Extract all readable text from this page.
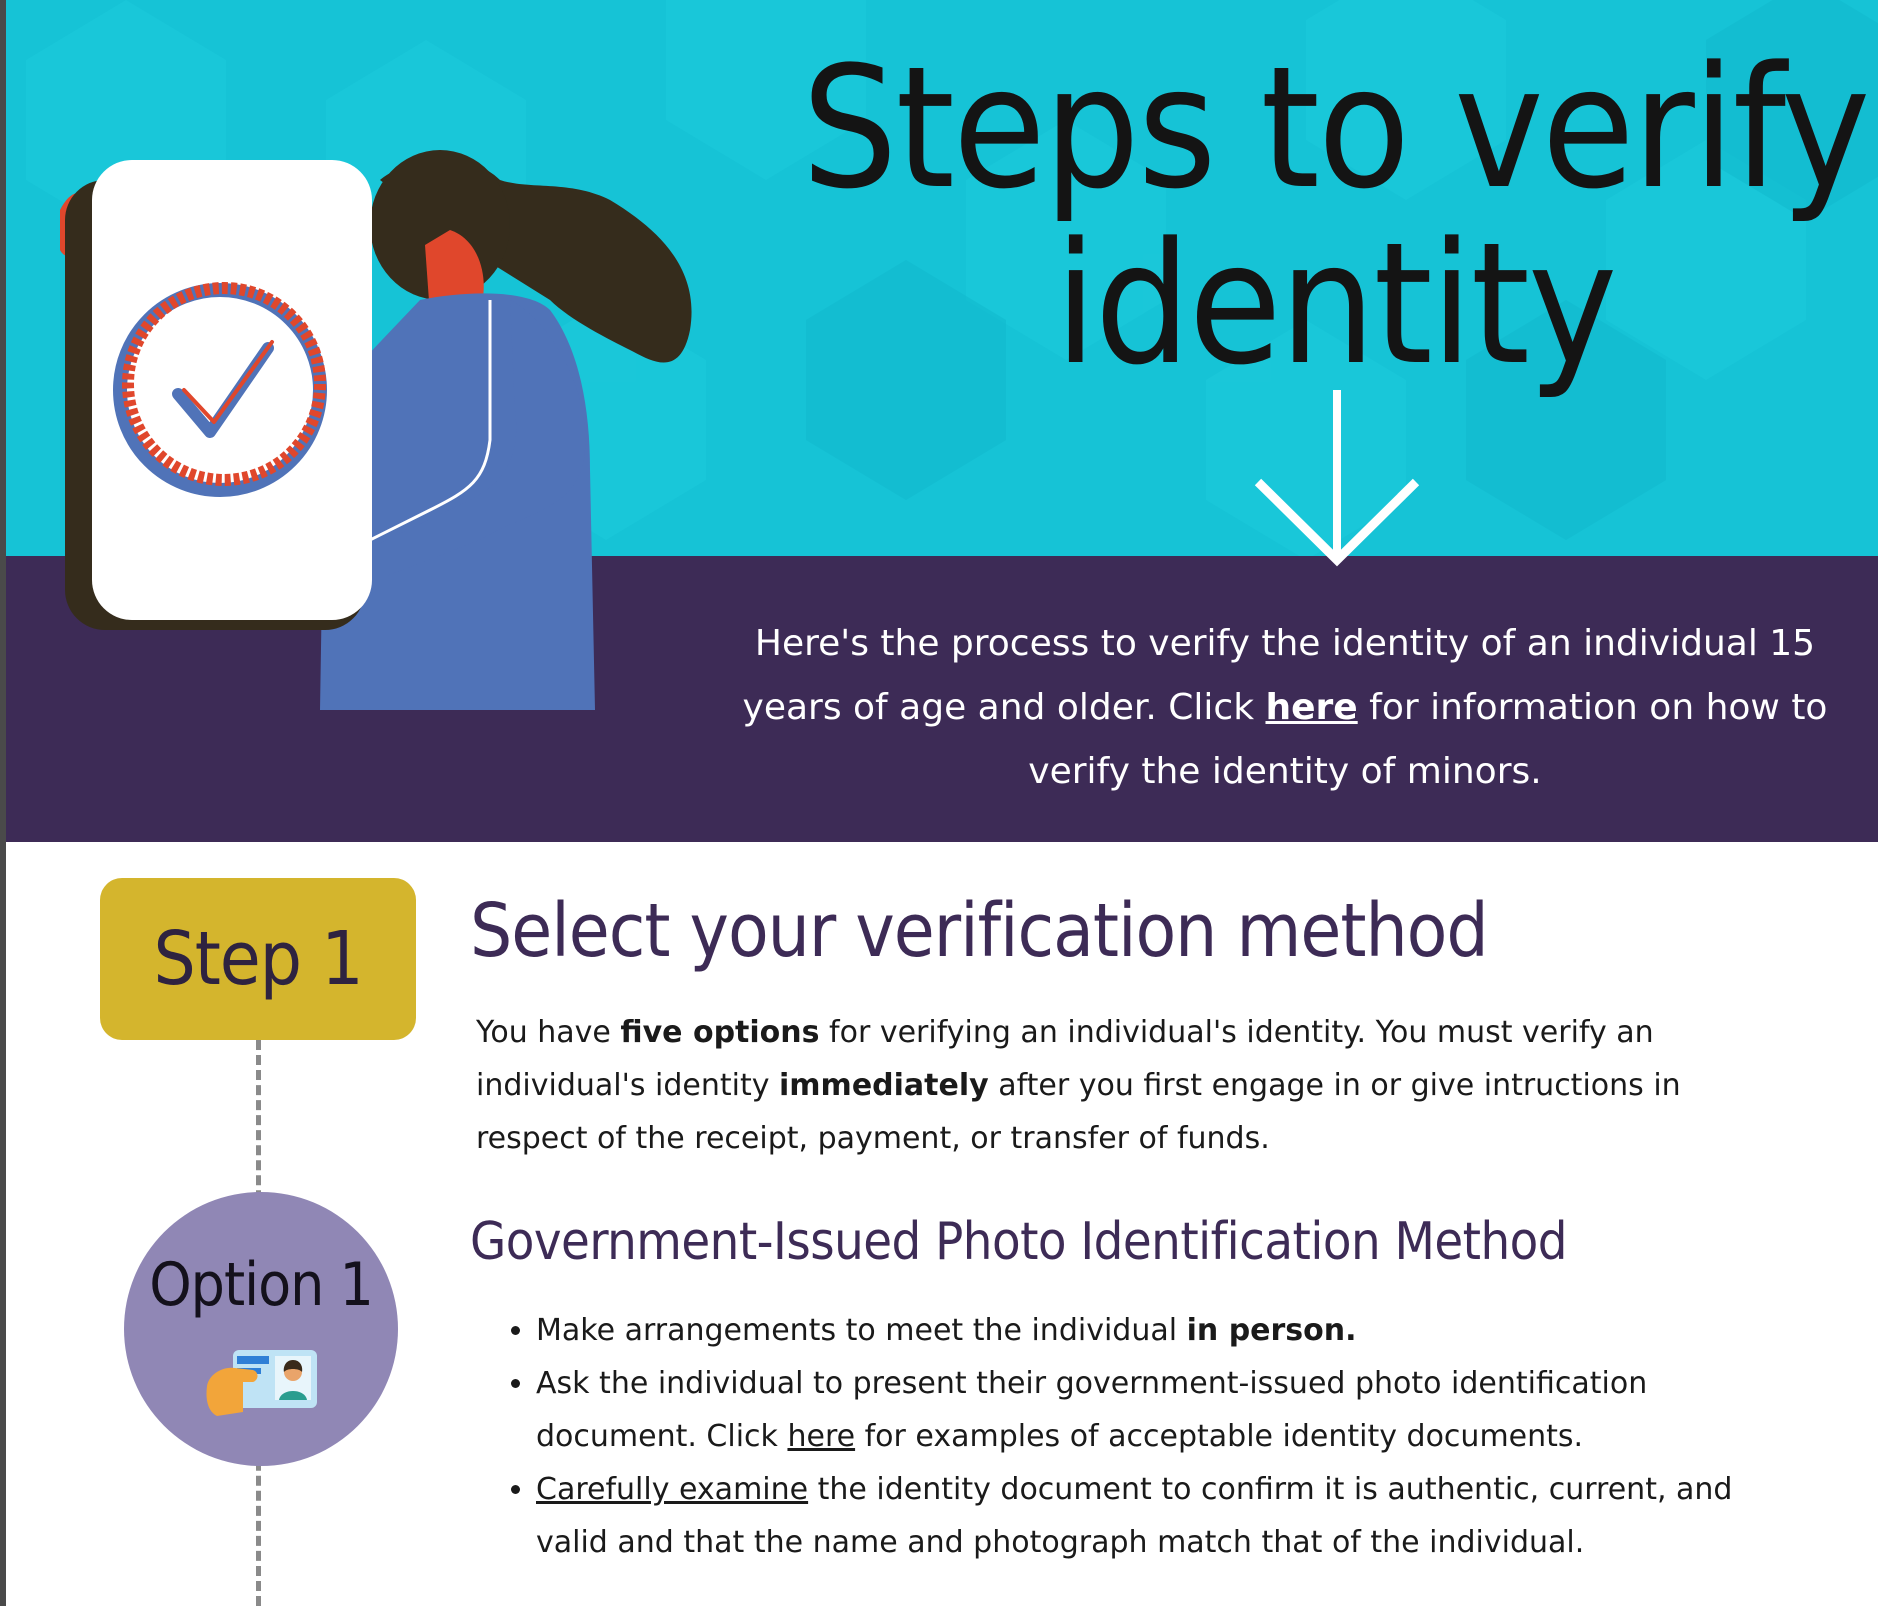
Steps to verify
identity
Here's the process to verify the identity of an individual 15 years of age and older. Click here for information on how to verify the identity of minors.
Step 1 Select your verification method
You have five options for verifying an individual's identity. You must verify an individual's identity immediately after you first engage in or give intructions in respect of the receipt, payment, or transfer of funds.
Option 1
Government-Issued Photo Identification Method
• Make arrangements to meet the individual in person.
• Ask the individual to present their government-issued photo identification document. Click here for examples of acceptable identity documents.
• Carefully examine the identity document to confirm it is authentic, current, and valid and that the name and photograph match that of the individual.
